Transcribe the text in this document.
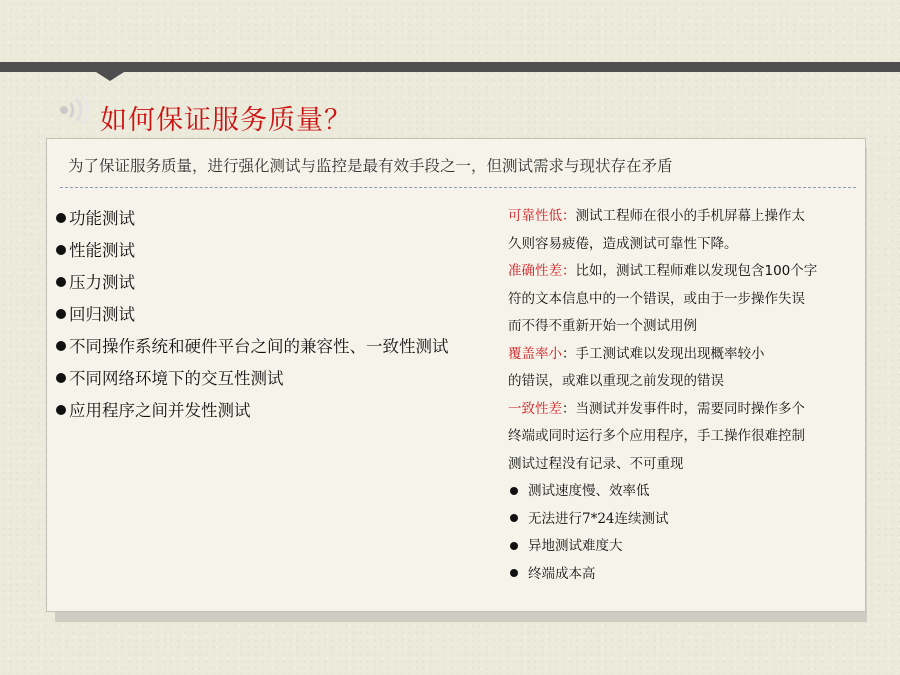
如何保证服务质量？
为了保证服务质量，进行强化测试与监控是最有效手段之一，但测试需求与现状存在矛盾
功能测试
性能测试
压力测试
回归测试
不同操作系统和硬件平台之间的兼容性、一致性测试
不同网络环境下的交互性测试
应用程序之间并发性测试
可靠性低：测试工程师在很小的手机屏幕上操作太
久则容易疲倦，造成测试可靠性下降。
准确性差：比如，测试工程师难以发现包含100个字
符的文本信息中的一个错误，或由于一步操作失误
而不得不重新开始一个测试用例
覆盖率小：手工测试难以发现出现概率较小
的错误，或难以重现之前发现的错误
一致性差：当测试并发事件时，需要同时操作多个
终端或同时运行多个应用程序，手工操作很难控制
测试过程没有记录、不可重现
测试速度慢、效率低
无法进行7*24连续测试
异地测试难度大
终端成本高
